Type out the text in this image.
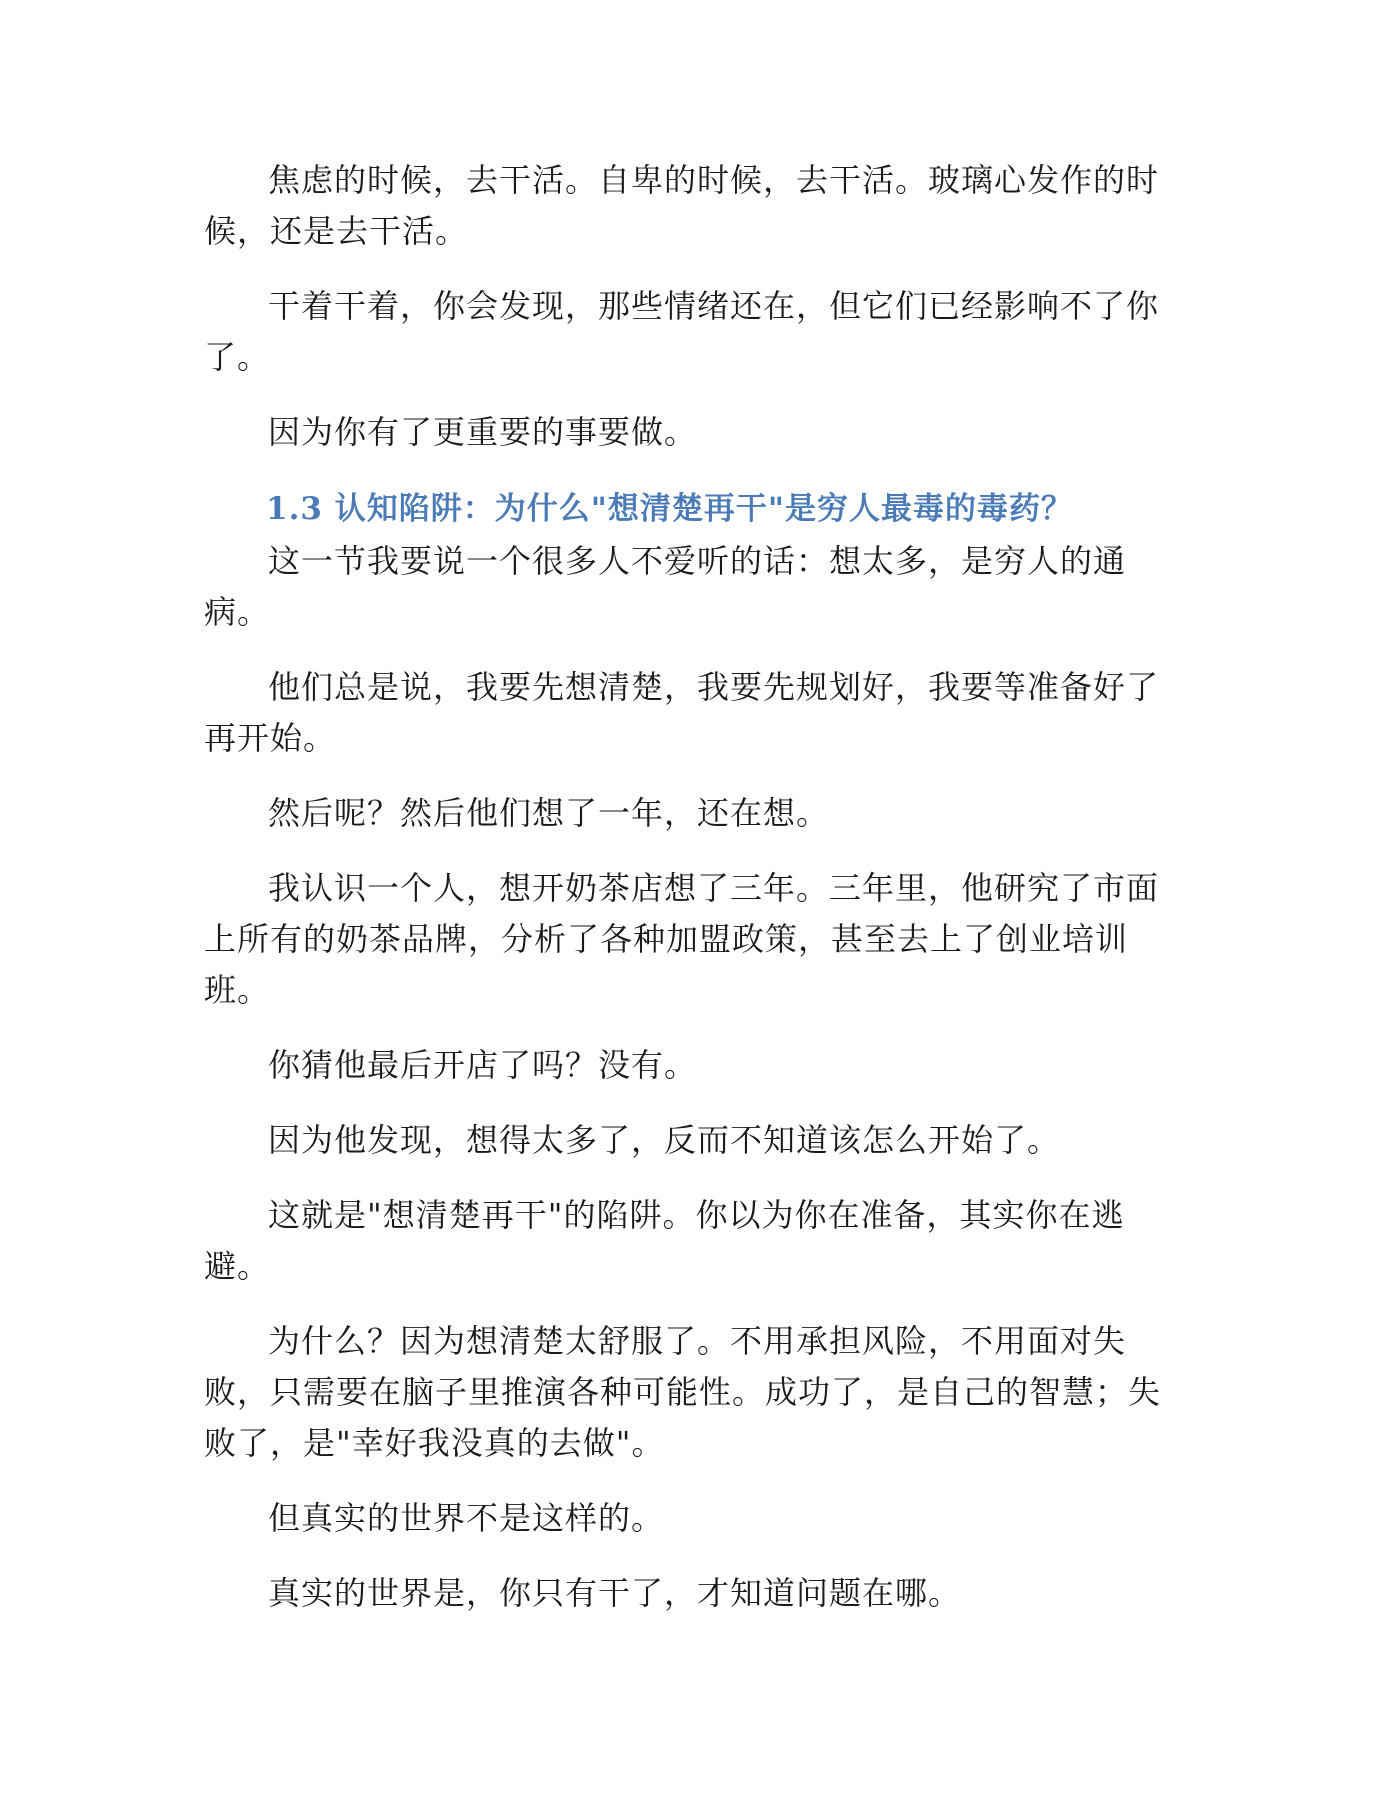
焦虑的时候，去干活。自卑的时候，去干活。玻璃心发作的时候，还是去干活。

干着干着，你会发现，那些情绪还在，但它们已经影响不了你了。

因为你有了更重要的事要做。

1.3 认知陷阱：为什么"想清楚再干"是穷人最毒的毒药？

这一节我要说一个很多人不爱听的话：想太多，是穷人的通病。

他们总是说，我要先想清楚，我要先规划好，我要等准备好了再开始。

然后呢？然后他们想了一年，还在想。

我认识一个人，想开奶茶店想了三年。三年里，他研究了市面上所有的奶茶品牌，分析了各种加盟政策，甚至去上了创业培训班。

你猜他最后开店了吗？没有。

因为他发现，想得太多了，反而不知道该怎么开始了。

这就是"想清楚再干"的陷阱。你以为你在准备，其实你在逃避。

为什么？因为想清楚太舒服了。不用承担风险，不用面对失败，只需要在脑子里推演各种可能性。成功了，是自己的智慧；失败了，是"幸好我没真的去做"。

但真实的世界不是这样的。

真实的世界是，你只有干了，才知道问题在哪。
